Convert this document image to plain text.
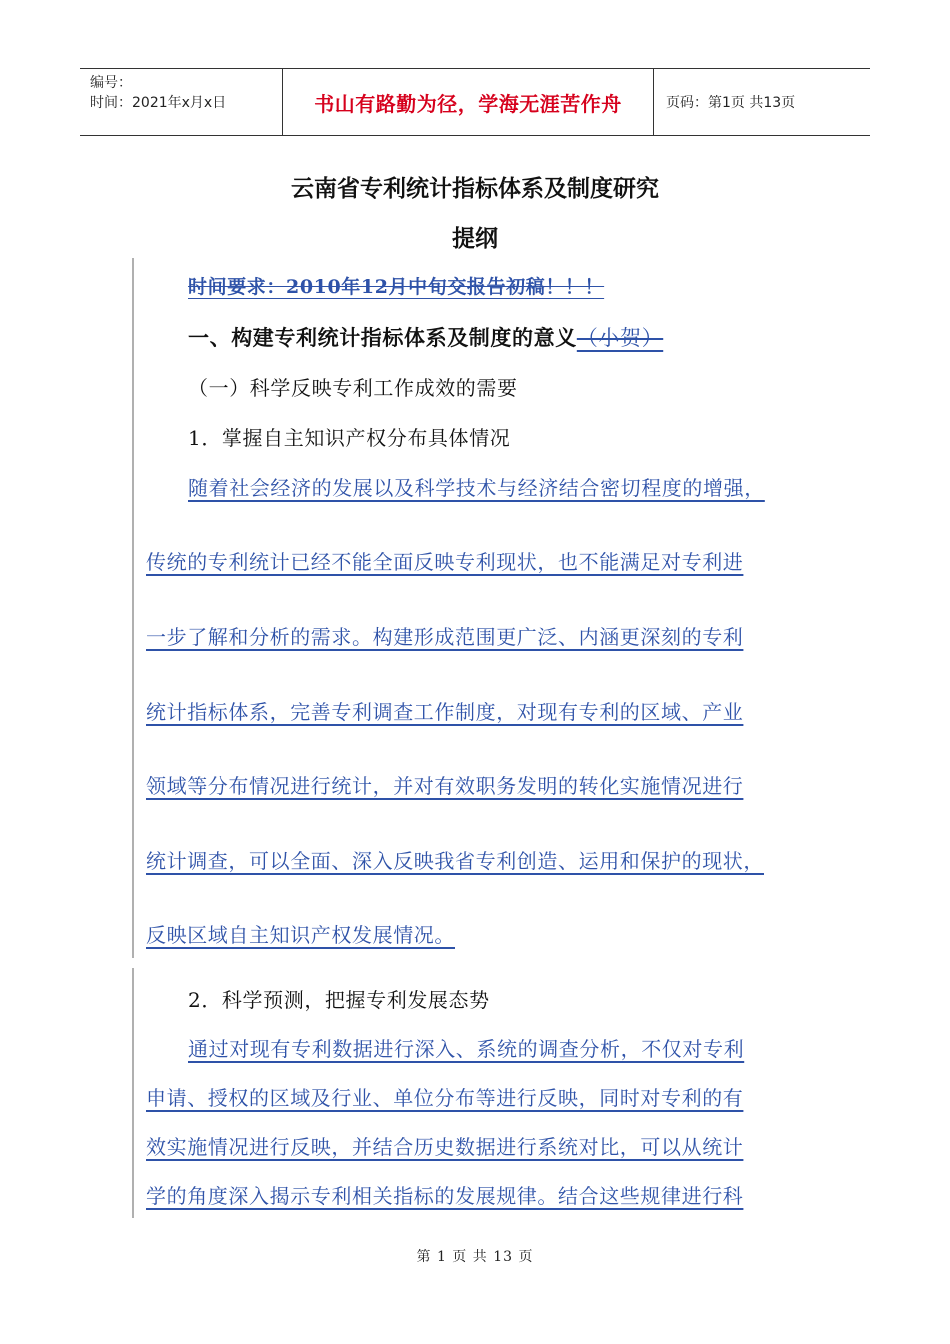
编号：
时间：2021年x月x日	书山有路勤为径，学海无涯苦作舟	页码：第1页 共13页
云南省专利统计指标体系及制度研究
提纲
时间要求：2010年12月中旬交报告初稿！！！
一、构建专利统计指标体系及制度的意义（小贺）
（一）科学反映专利工作成效的需要
1．掌握自主知识产权分布具体情况
随着社会经济的发展以及科学技术与经济结合密切程度的增强，
传统的专利统计已经不能全面反映专利现状，也不能满足对专利进
一步了解和分析的需求。构建形成范围更广泛、内涵更深刻的专利
统计指标体系，完善专利调查工作制度，对现有专利的区域、产业
领域等分布情况进行统计，并对有效职务发明的转化实施情况进行
统计调查，可以全面、深入反映我省专利创造、运用和保护的现状，
反映区域自主知识产权发展情况。
2．科学预测，把握专利发展态势
通过对现有专利数据进行深入、系统的调查分析，不仅对专利
申请、授权的区域及行业、单位分布等进行反映，同时对专利的有
效实施情况进行反映，并结合历史数据进行系统对比，可以从统计
学的角度深入揭示专利相关指标的发展规律。结合这些规律进行科
第 1 页 共 13 页
